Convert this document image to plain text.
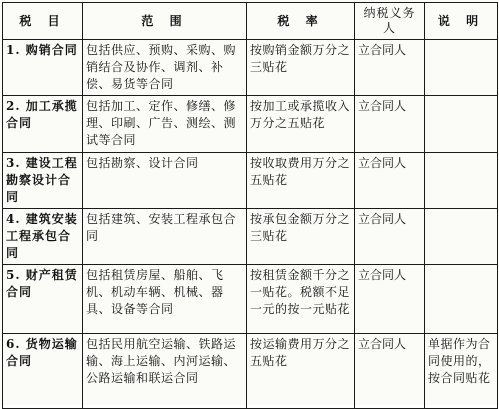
税 目	范 围	税 率	纳税义务人	说 明
1. 购销合同	包括供应、预购、采购、购销结合及协作、调剂、补偿、易货等合同	按购销金额万分之三贴花	立合同人	
2. 加工承揽合同	包括加工、定作、修缮、修理、印刷、广告、测绘、测试等合同	按加工或承揽收入万分之五贴花	立合同人	
3. 建设工程勘察设计合同	包括勘察、设计合同	按收取费用万分之五贴花	立合同人	
4. 建筑安装工程承包合同	包括建筑、安装工程承包合同	按承包金额万分之三贴花	立合同人	
5. 财产租赁合同	包括租赁房屋、船舶、飞机、机动车辆、机械、器具、设备等合同	按租赁金额千分之一贴花。税额不足一元的按一元贴花	立合同人	
6. 货物运输合同	包括民用航空运输、铁路运输、海上运输、内河运输、公路运输和联运合同	按运输费用万分之五贴花	立合同人	单据作为合同使用的，按合同贴花
